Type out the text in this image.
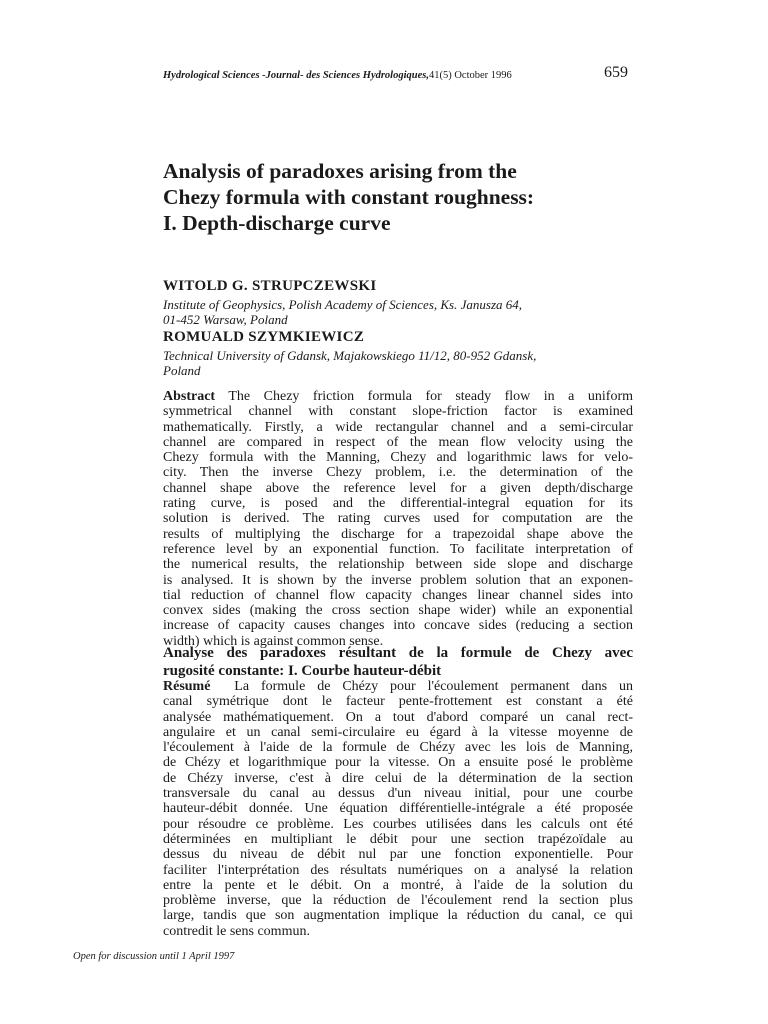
Hydrological Sciences -Journal- des Sciences Hydrologiques,41(5) October 1996	659
Analysis of paradoxes arising from the
Chezy formula with constant roughness:
I. Depth-discharge curve
WITOLD G. STRUPCZEWSKI
Institute of Geophysics, Polish Academy of Sciences, Ks. Janusza 64,
01-452 Warsaw, Poland
ROMUALD SZYMKIEWICZ
Technical University of Gdansk, Majakowskiego 11/12, 80-952 Gdansk,
Poland
Abstract The Chezy friction formula for steady flow in a uniform
symmetrical channel with constant slope-friction factor is examined
mathematically. Firstly, a wide rectangular channel and a semi-circular
channel are compared in respect of the mean flow velocity using the
Chezy formula with the Manning, Chezy and logarithmic laws for velo-
city. Then the inverse Chezy problem, i.e. the determination of the
channel shape above the reference level for a given depth/discharge
rating curve, is posed and the differential-integral equation for its
solution is derived. The rating curves used for computation are the
results of multiplying the discharge for a trapezoidal shape above the
reference level by an exponential function. To facilitate interpretation of
the numerical results, the relationship between side slope and discharge
is analysed. It is shown by the inverse problem solution that an exponen-
tial reduction of channel flow capacity changes linear channel sides into
convex sides (making the cross section shape wider) while an exponential
increase of capacity causes changes into concave sides (reducing a section
width) which is against common sense.
Analyse des paradoxes résultant de la formule de Chezy avec
rugosité constante: I. Courbe hauteur-débit
Résumé La formule de Chézy pour l'écoulement permanent dans un
canal symétrique dont le facteur pente-frottement est constant a été
analysée mathématiquement. On a tout d'abord comparé un canal rect-
angulaire et un canal semi-circulaire eu égard à la vitesse moyenne de
l'écoulement à l'aide de la formule de Chézy avec les lois de Manning,
de Chézy et logarithmique pour la vitesse. On a ensuite posé le problème
de Chézy inverse, c'est à dire celui de la détermination de la section
transversale du canal au dessus d'un niveau initial, pour une courbe
hauteur-débit donnée. Une équation différentielle-intégrale a été proposée
pour résoudre ce problème. Les courbes utilisées dans les calculs ont été
déterminées en multipliant le débit pour une section trapézoïdale au
dessus du niveau de débit nul par une fonction exponentielle. Pour
faciliter l'interprétation des résultats numériques on a analysé la relation
entre la pente et le débit. On a montré, à l'aide de la solution du
problème inverse, que la réduction de l'écoulement rend la section plus
large, tandis que son augmentation implique la réduction du canal, ce qui
contredit le sens commun.
Open for discussion until 1 April 1997
